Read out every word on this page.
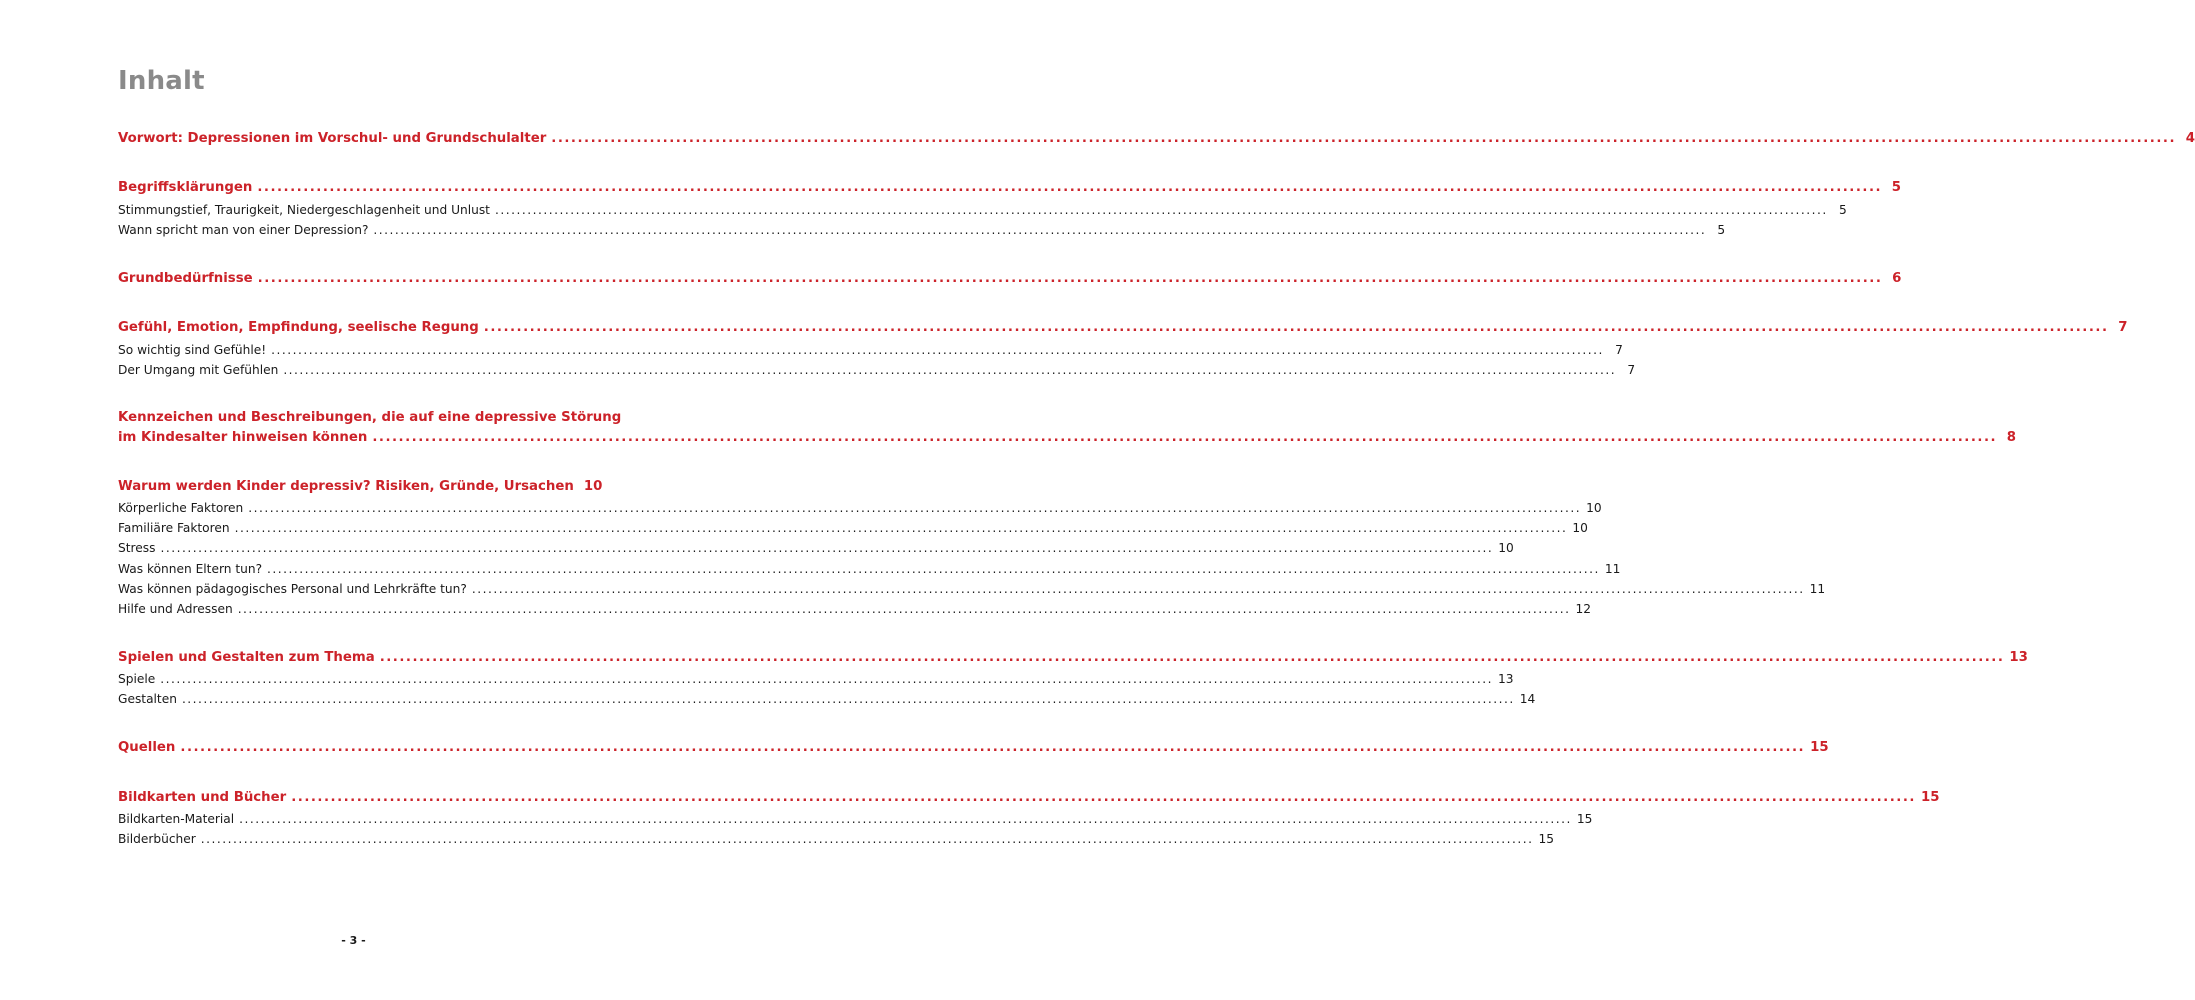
Inhalt
Vorwort: Depressionen im Vorschul- und Grundschulalter .....	4
Begriffsklärungen .....	5
Stimmungstief, Traurigkeit, Niedergeschlagenheit und Unlust .....	5
Wann spricht man von einer Depression? .....	5
Grundbedürfnisse .....	6
Gefühl, Emotion, Empfindung, seelische Regung .....	7
So wichtig sind Gefühle! .....	7
Der Umgang mit Gefühlen .....	7
Kennzeichen und Beschreibungen, die auf eine depressive Störung
im Kindesalter hinweisen können .....	8
Warum werden Kinder depressiv? Risiken, Gründe, Ursachen 10
Körperliche Faktoren .....	10
Familiäre Faktoren .....	10
Stress .....	10
Was können Eltern tun? .....	11
Was können pädagogisches Personal und Lehrkräfte tun? .....	11
Hilfe und Adressen .....	12
Spielen und Gestalten zum Thema .....	13
Spiele .....	13
Gestalten .....	14
Quellen .....	15
Bildkarten und Bücher .....	15
Bildkarten-Material .....	15
Bilderbücher .....	15
- 3 -
